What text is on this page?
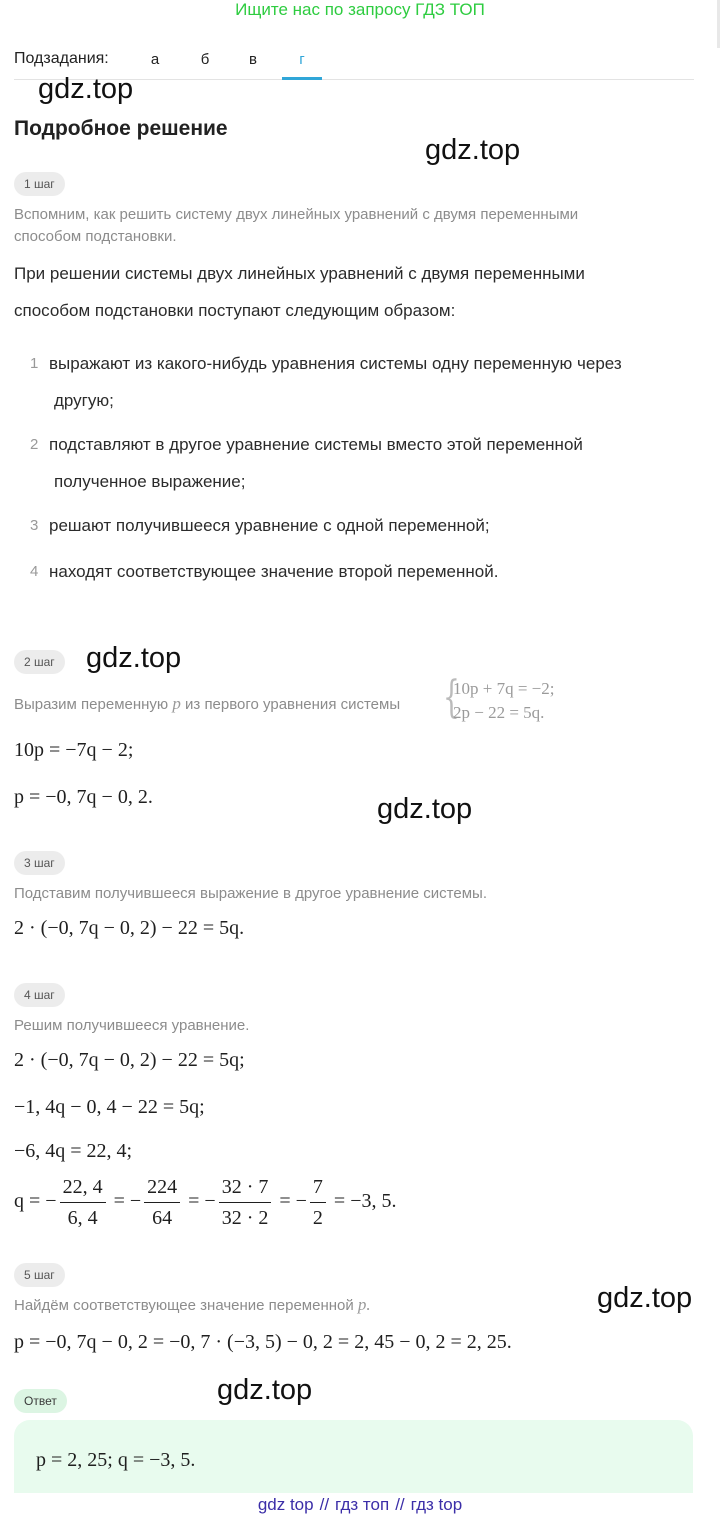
Ищите нас по запросу ГДЗ ТОП
Подзадания:	а	б	в	г
gdz.top
gdz.top
gdz.top
gdz.top
gdz.top
gdz.top
Подробное решение
1 шаг
Вспомним, как решить систему двух линейных уравнений с двумя переменными
способом подстановки.
При решении системы двух линейных уравнений с двумя переменными
способом подстановки поступают следующим образом:
1 выражают из какого-нибудь уравнения системы одну переменную через
другую;
2 подставляют в другое уравнение системы вместо этой переменной
полученное выражение;
3 решают получившееся уравнение с одной переменной;
4 находят соответствующее значение второй переменной.
2 шаг
Выразим переменную p из первого уравнения системы {
10p + 7q = −2;
2p − 22 = 5q.
10p = −7q − 2;
p = −0, 7q − 0, 2.
3 шаг
Подставим получившееся выражение в другое уравнение системы.
2 · (−0, 7q − 0, 2) − 22 = 5q.
4 шаг
Решим получившееся уравнение.
2 · (−0, 7q − 0, 2) − 22 = 5q;
−1, 4q − 0, 4 − 22 = 5q;
−6, 4q = 22, 4;
q = − $\frac{22, 4}{6, 4}$ = − $\frac{224}{64}$ = − $\frac{32 \cdot 7}{32 \cdot 2}$ = − $\frac{7}{2} = -3$, 5.
5 шаг
Найдём соответствующее значение переменной p.
p = −0, 7q − 0, 2 = −0, 7 · (−3, 5) − 0, 2 = 2, 45 − 0, 2 = 2, 25.
Ответ
p = 2, 25; q = −3, 5.
gdz top // гдз топ // гдз top
